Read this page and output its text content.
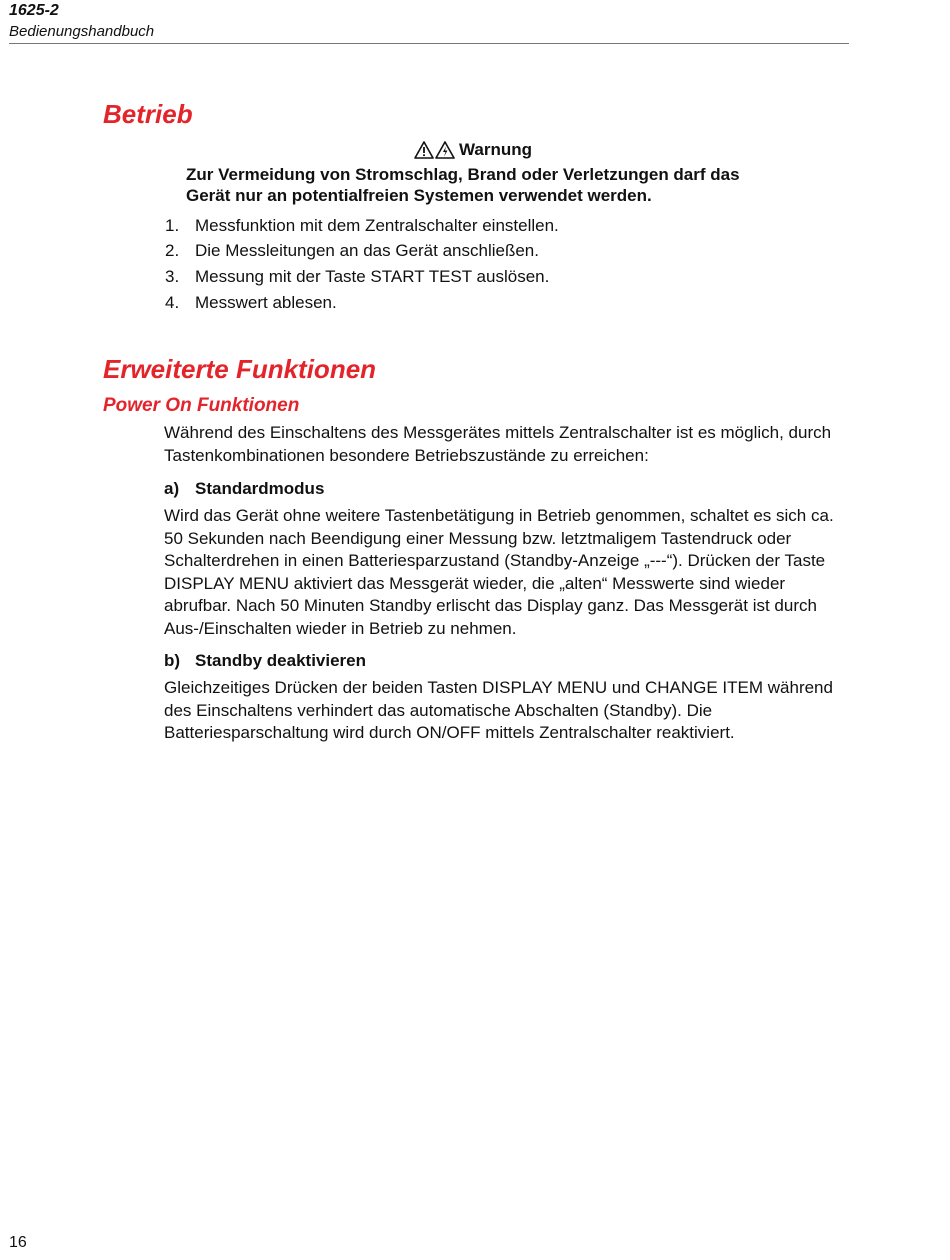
1625-2
Bedienungshandbuch
Betrieb
Warnung
Zur Vermeidung von Stromschlag, Brand oder Verletzungen darf das Gerät nur an potentialfreien Systemen verwendet werden.
1. Messfunktion mit dem Zentralschalter einstellen.
2. Die Messleitungen an das Gerät anschließen.
3. Messung mit der Taste START TEST auslösen.
4. Messwert ablesen.
Erweiterte Funktionen
Power On Funktionen

Während des Einschaltens des Messgerätes mittels Zentralschalter ist es möglich, durch Tastenkombinationen besondere Betriebszustände zu erreichen:

a) Standardmodus

Wird das Gerät ohne weitere Tastenbetätigung in Betrieb genommen, schaltet es sich ca. 50 Sekunden nach Beendigung einer Messung bzw. letztmaligem Tastendruck oder Schalterdrehen in einen Batteriesparzustand (Standby-Anzeige „---“). Drücken der Taste DISPLAY MENU aktiviert das Messgerät wieder, die „alten“ Messwerte sind wieder abrufbar. Nach 50 Minuten Standby erlischt das Display ganz. Das Messgerät ist durch Aus-/Einschalten wieder in Betrieb zu nehmen.

b) Standby deaktivieren

Gleichzeitiges Drücken der beiden Tasten DISPLAY MENU und CHANGE ITEM während des Einschaltens verhindert das automatische Abschalten (Standby). Die Batteriesparschaltung wird durch ON/OFF mittels Zentralschalter reaktiviert.

16
